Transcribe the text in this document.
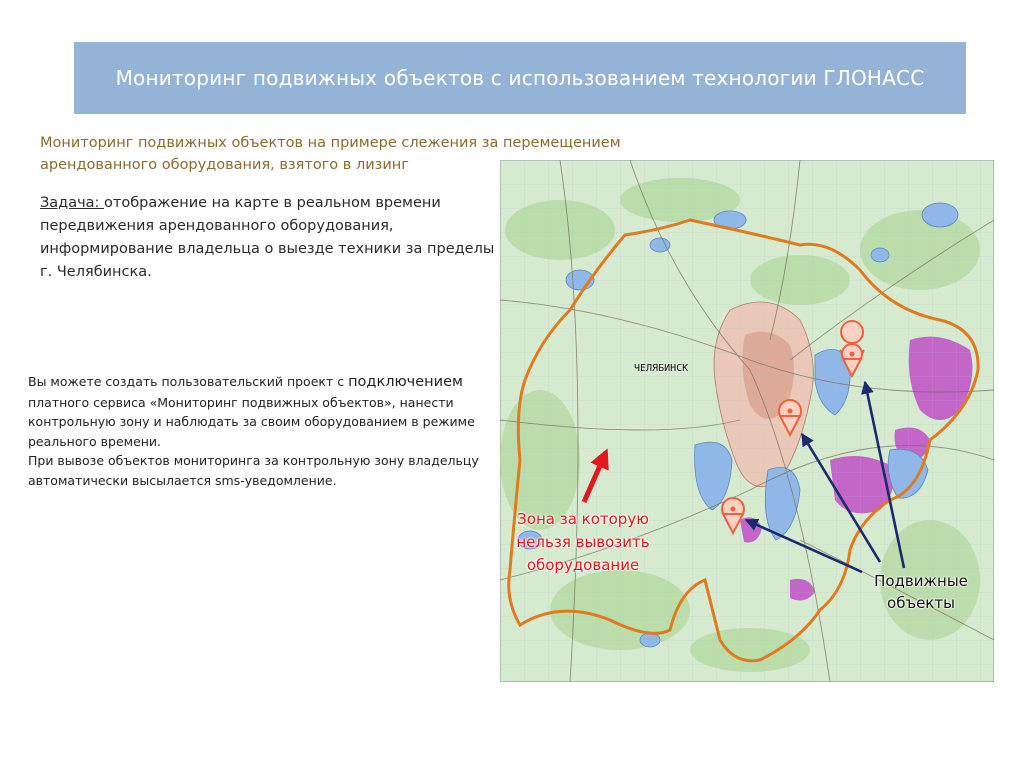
Мониторинг подвижных объектов с использованием технологии ГЛОНАСС
Мониторинг подвижных объектов на примере слежения за перемещением
арендованного оборудования, взятого в лизинг
Задача: отображение на карте в реальном времени передвижения арендованного оборудования, информирование владельца о выезде техники за пределы г. Челябинска.
Вы можете создать пользовательский проект с подключением платного сервиса «Мониторинг подвижных объектов», нанести контрольную зону и наблюдать за своим оборудованием в режиме реального времени.
При вывозе объектов мониторинга за контрольную зону владельцу автоматически высылается sms-уведомление.
ЧЕЛЯБИНСК
Зона за которую нельзя вывозить оборудование
Подвижные объекты
